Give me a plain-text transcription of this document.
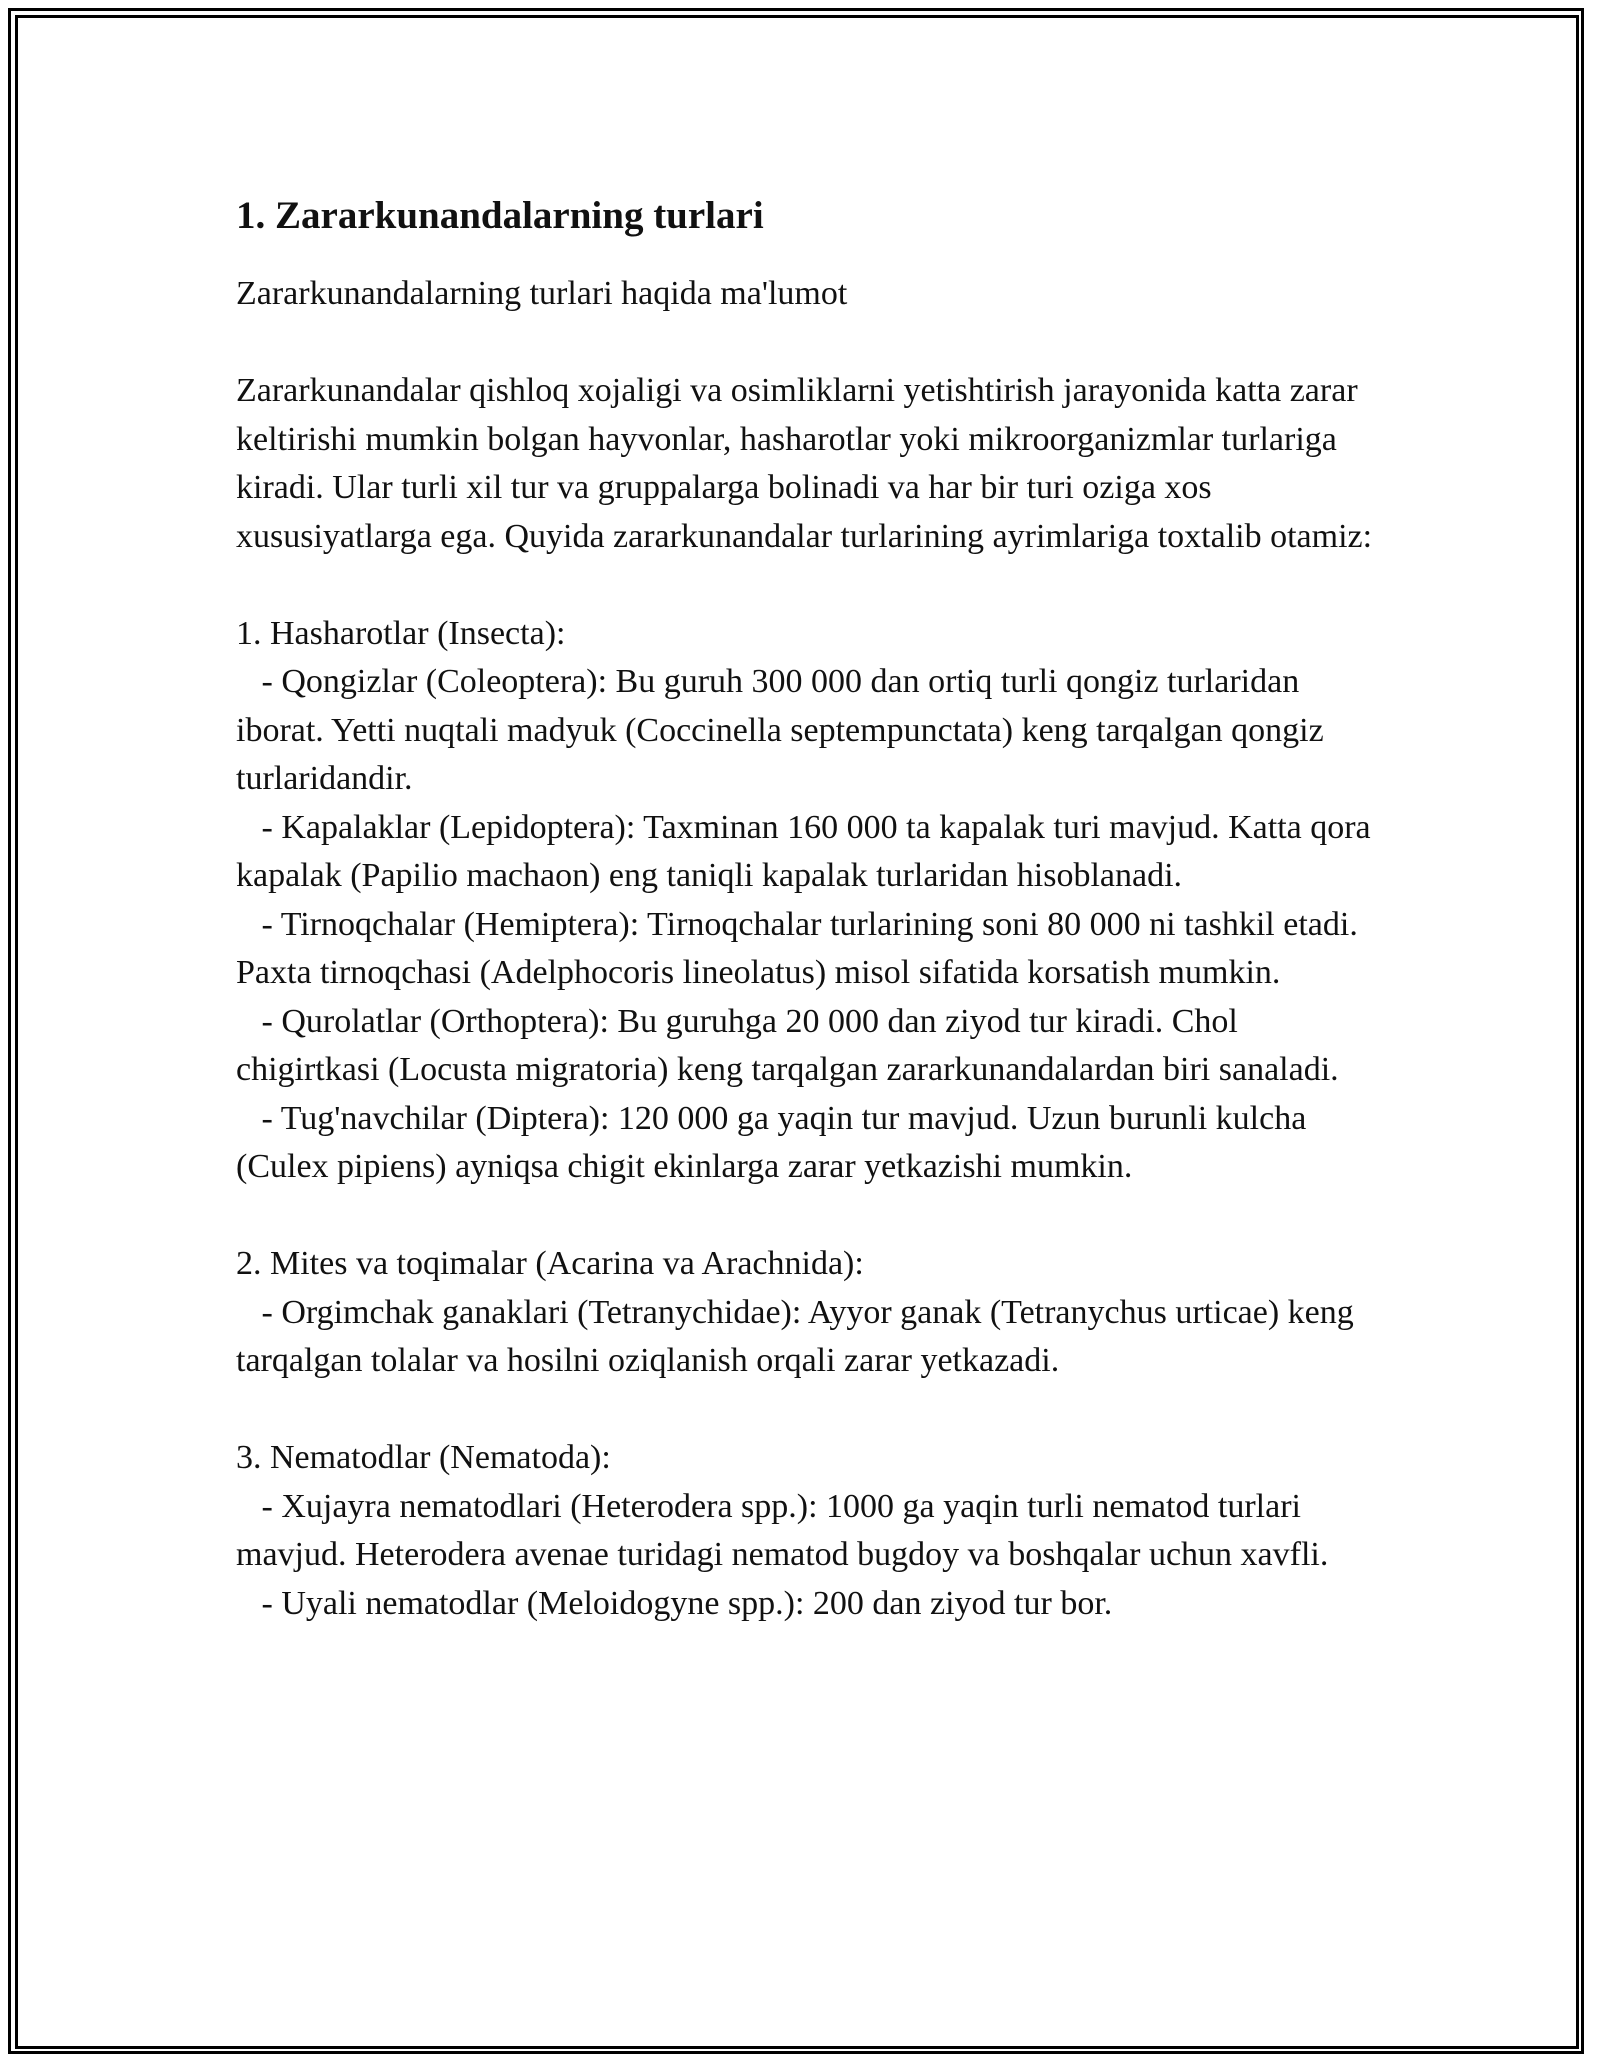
1. Zararkunandalarning turlari

Zararkunandalarning turlari haqida ma'lumot

Zararkunandalar qishloq xojaligi va osimliklarni yetishtirish jarayonida katta zarar keltirishi mumkin bolgan hayvonlar, hasharotlar yoki mikroorganizmlar turlariga kiradi. Ular turli xil tur va gruppalarga bolinadi va har bir turi oziga xos xususiyatlarga ega. Quyida zararkunandalar turlarining ayrimlariga toxtalib otamiz:

1. Hasharotlar (Insecta):

- Qongizlar (Coleoptera): Bu guruh 300 000 dan ortiq turli qongiz turlaridan iborat. Yetti nuqtali madyuk (Coccinella septempunctata) keng tarqalgan qongiz turlaridandir.

- Kapalaklar (Lepidoptera): Taxminan 160 000 ta kapalak turi mavjud. Katta qora kapalak (Papilio machaon) eng taniqli kapalak turlaridan hisoblanadi.

- Tirnoqchalar (Hemiptera): Tirnoqchalar turlarining soni 80 000 ni tashkil etadi. Paxta tirnoqchasi (Adelphocoris lineolatus) misol sifatida korsatish mumkin.

- Qurolatlar (Orthoptera): Bu guruhga 20 000 dan ziyod tur kiradi. Chol chigirtkasi (Locusta migratoria) keng tarqalgan zararkunandalardan biri sanaladi.

- Tug'navchilar (Diptera): 120 000 ga yaqin tur mavjud. Uzun burunli kulcha (Culex pipiens) ayniqsa chigit ekinlarga zarar yetkazishi mumkin.

2. Mites va toqimalar (Acarina va Arachnida):

- Orgimchak ganaklari (Tetranychidae): Ayyor ganak (Tetranychus urticae) keng tarqalgan tolalar va hosilni oziqlanish orqali zarar yetkazadi.

3. Nematodlar (Nematoda):

- Xujayra nematodlari (Heterodera spp.): 1000 ga yaqin turli nematod turlari mavjud. Heterodera avenae turidagi nematod bugdoy va boshqalar uchun xavfli.

- Uyali nematodlar (Meloidogyne spp.): 200 dan ziyod tur bor.
